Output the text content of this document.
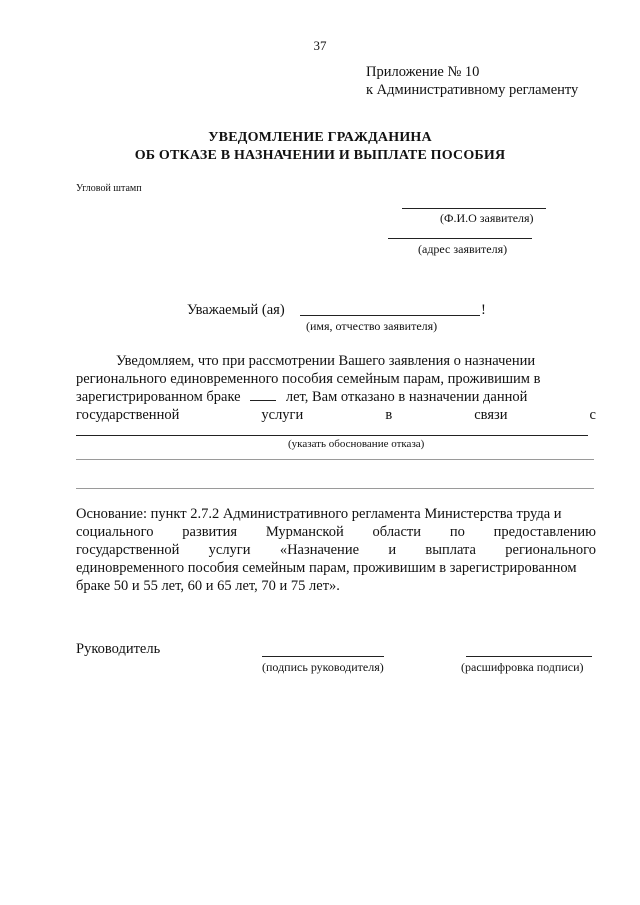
37
Приложение № 10
к Административному регламенту
УВЕДОМЛЕНИЕ ГРАЖДАНИНА
ОБ ОТКАЗЕ В НАЗНАЧЕНИИ И ВЫПЛАТЕ ПОСОБИЯ
Угловой штамп
(Ф.И.О заявителя)
(адрес заявителя)
Уважаемый (ая)	!
(имя, отчество заявителя)
Уведомляем, что при рассмотрении Вашего заявления о назначении
регионального единовременного пособия семейным парам, проживишим в
зарегистрированном браке	лет, Вам отказано в назначении данной
государственной	услуги	в	связи	с
(указать обоснование отказа)
Основание: пункт 2.7.2 Административного регламента Министерства труда и
социального развития Мурманской области по предоставлению
государственной услуги «Назначение и выплата регионального
единовременного пособия семейным парам, проживишим в зарегистрированном
браке 50 и 55 лет, 60 и 65 лет, 70 и 75 лет».
Руководитель
(подпись руководителя)	(расшифровка подписи)
